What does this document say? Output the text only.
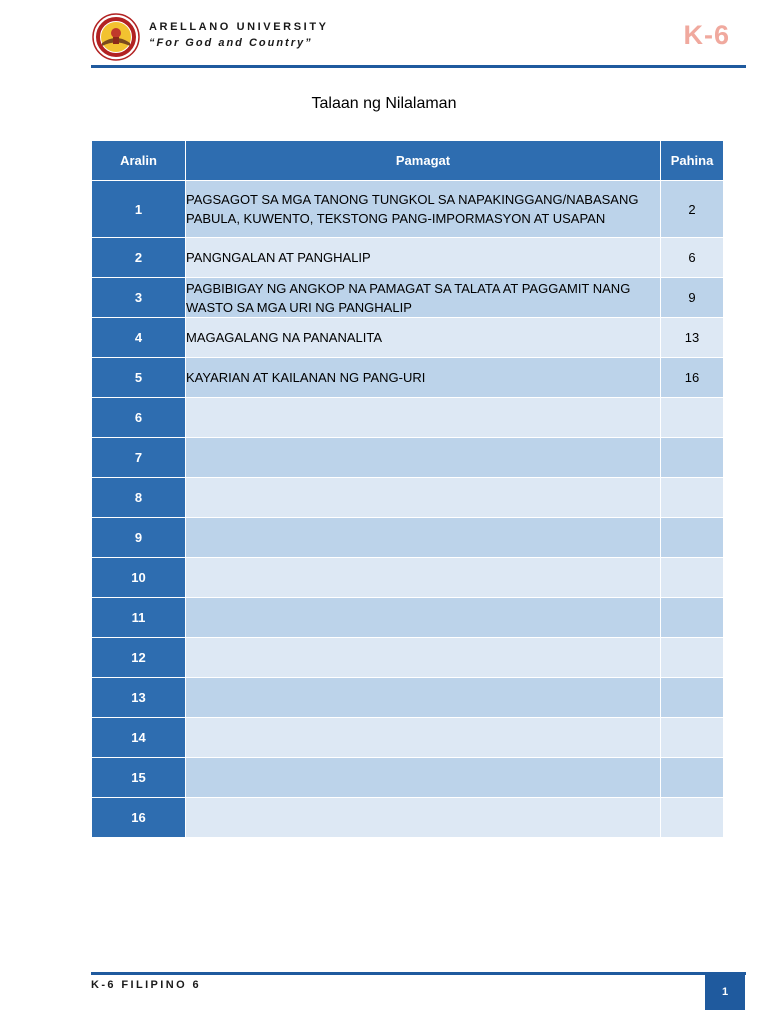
ARELLANO UNIVERSITY
“For God and Country”	K-6
Talaan ng Nilalaman
Aralin	Pamagat	Pahina
1	PAGSAGOT SA MGA TANONG TUNGKOL SA NAPAKINGGANG/NABASANG PABULA, KUWENTO, TEKSTONG PANG-IMPORMASYON AT USAPAN	2
2	PANGNGALAN AT PANGHALIP	6
3	PAGBIBIGAY NG ANGKOP NA PAMAGAT SA TALATA AT PAGGAMIT NANG WASTO SA MGA URI NG PANGHALIP	9
4	MAGAGALANG NA PANANALITA	13
5	KAYARIAN AT KAILANAN NG PANG-URI	16
6		
7		
8		
9		
10		
11		
12		
13		
14		
15		
16		
K-6 FILIPINO 6
1
